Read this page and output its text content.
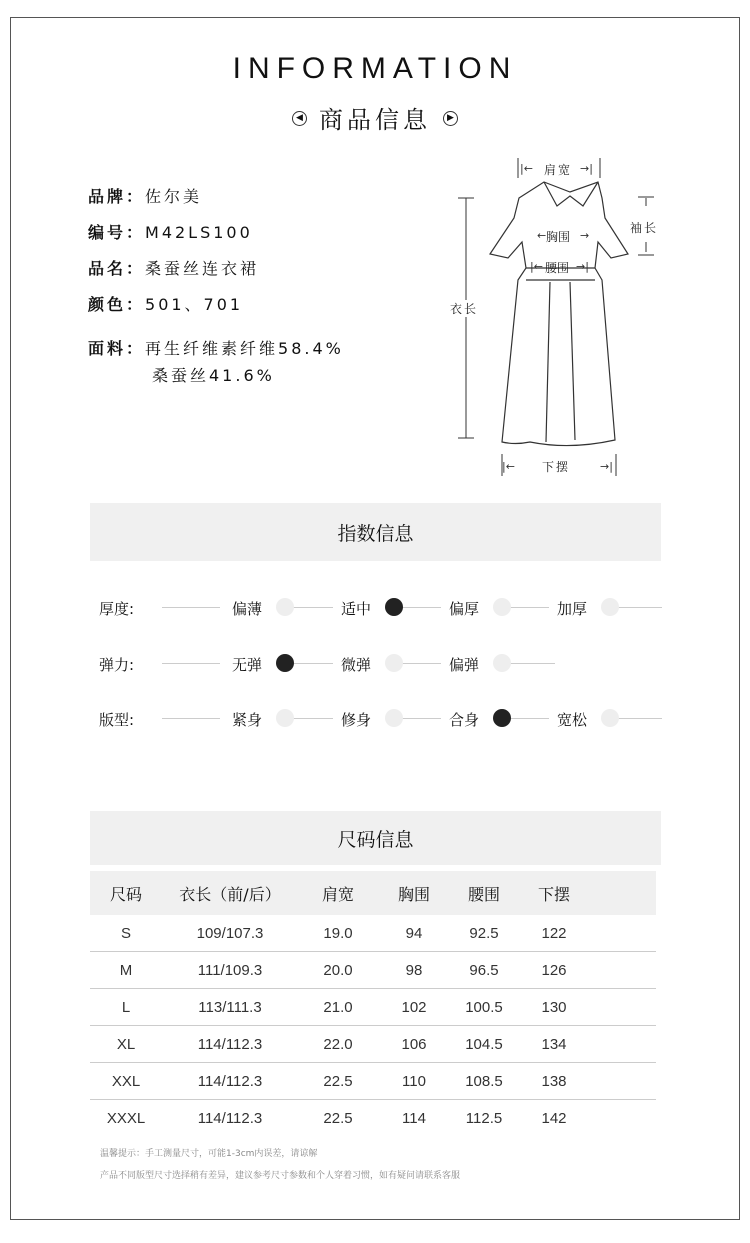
INFORMATION
◀ 商品信息 ▶
品牌：佐尔美
编号：M42LS100
品名：桑蚕丝连衣裙
颜色：501、701
面料：再生纤维素纤维58.4%
桑蚕丝41.6%
|←	→|
←	→
|←	→|
|←	→|
肩宽
袖长
胸围
腰围
衣长
下摆
指数信息
厚度:	偏薄	适中	偏厚	加厚
弹力:	无弹	微弹	偏弹
版型:	紧身	修身	合身	宽松
尺码信息
尺码	衣长（前/后）	肩宽	胸围	腰围	下摆	
S	109/107.3	19.0	94	92.5	122	
M	111/109.3	20.0	98	96.5	126	
L	113/111.3	21.0	102	100.5	130	
XL	114/112.3	22.0	106	104.5	134	
XXL	114/112.3	22.5	110	108.5	138	
XXXL	114/112.3	22.5	114	112.5	142	
温馨提示：手工测量尺寸，可能1-3cm内误差，请谅解
产品不同版型尺寸选择稍有差异，建议参考尺寸参数和个人穿着习惯，如有疑问请联系客服
